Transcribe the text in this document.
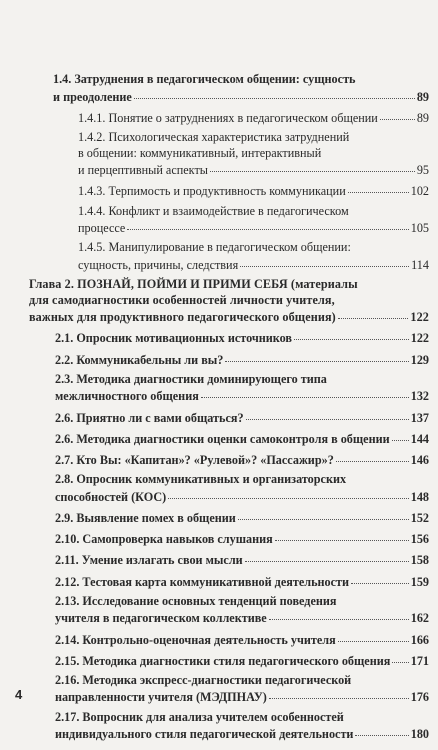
1.4. Затруднения в педагогическом общении: сущность
и преодоление	89
1.4.1. Понятие о затруднениях в педагогическом общении	89
1.4.2. Психологическая характеристика затруднений
в общении: коммуникативный, интерактивный
и перцептивный аспекты	95
1.4.3. Терпимость и продуктивность коммуникации	102
1.4.4. Конфликт и взаимодействие в педагогическом
процессе	105
1.4.5. Манипулирование в педагогическом общении:
сущность, причины, следствия	114
Глава 2. ПОЗНАЙ, ПОЙМИ И ПРИМИ СЕБЯ (материалы
для самодиагностики особенностей личности учителя,
важных для продуктивного педагогического общения)	122
2.1. Опросник мотивационных источников	122
2.2. Коммуникабельны ли вы?	129
2.3. Методика диагностики доминирующего типа
межличностного общения	132
2.6. Приятно ли с вами общаться?	137
2.6. Методика диагностики оценки самоконтроля в общении 144
2.7. Кто Вы: «Капитан»? «Рулевой»? «Пассажир»?	146
2.8. Опросник коммуникативных и организаторских
способностей (КОС)	148
2.9. Выявление помех в общении	152
2.10. Самопроверка навыков слушания	156
2.11. Умение излагать свои мысли	158
2.12. Тестовая карта коммуникативной деятельности	159
2.13. Исследование основных тенденций поведения
учителя в педагогическом коллективе	162
2.14. Контрольно-оценочная деятельность учителя	166
2.15. Методика диагностики стиля педагогического общения 171
2.16. Методика экспресс-диагностики педагогической
направленности учителя (МЭДПНАУ)	176
2.17. Вопросник для анализа учителем особенностей
индивидуального стиля педагогической деятельности	180
4
